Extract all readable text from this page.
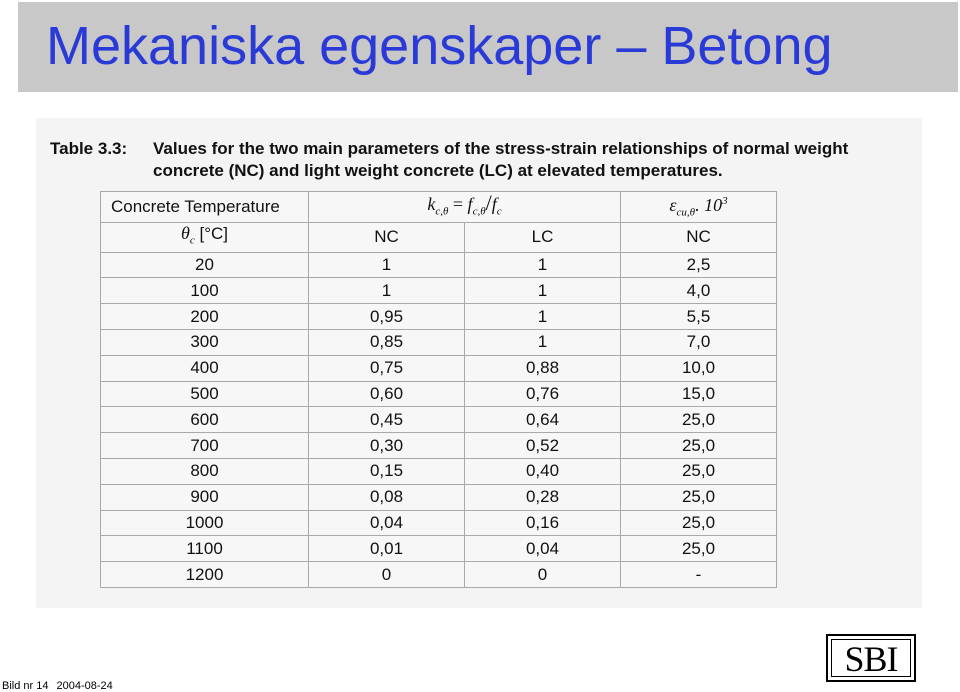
Mekaniska egenskaper – Betong
Table 3.3: Values for the two main parameters of the stress-strain relationships of normal weight
concrete (NC) and light weight concrete (LC) at elevated temperatures.
Concrete Temperature	$k_{c,\theta} = f_{c,\theta}/f_c$		$\varepsilon_{cu,\theta}$. $10^3$
$\theta_c$ [°C]	NC	LC	NC
20	1	1	2,5
100	1	1	4,0
200	0,95	1	5,5
300	0,85	1	7,0
400	0,75	0,88	10,0
500	0,60	0,76	15,0
600	0,45	0,64	25,0
700	0,30	0,52	25,0
800	0,15	0,40	25,0
900	0,08	0,28	25,0
1000	0,04	0,16	25,0
1100	0,01	0,04	25,0
1200	0	0	-
Bild nr 14 2004-08-24
SBI
